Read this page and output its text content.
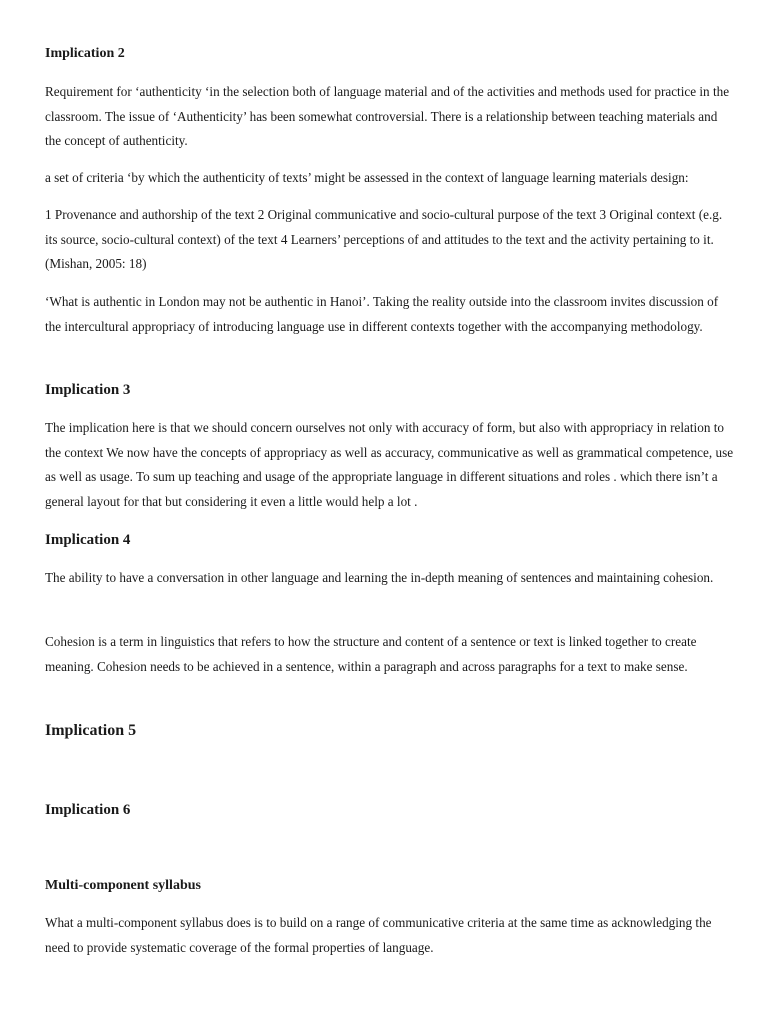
Implication 2

Requirement for ‘authenticity ‘in the selection both of language material and of the activities and methods used for practice in the classroom. The issue of ‘Authenticity’ has been somewhat controversial. There is a relationship between teaching materials and the concept of authenticity.

a set of criteria ‘by which the authenticity of texts’ might be assessed in the context of language learning materials design:

1 Provenance and authorship of the text 2 Original communicative and socio-cultural purpose of the text 3 Original context (e.g. its source, socio-cultural context) of the text 4 Learners’ perceptions of and attitudes to the text and the activity pertaining to it. (Mishan, 2005: 18)

‘What is authentic in London may not be authentic in Hanoi’. Taking the reality outside into the classroom invites discussion of the intercultural appropriacy of introducing language use in different contexts together with the accompanying methodology.

Implication 3

The implication here is that we should concern ourselves not only with accuracy of form, but also with appropriacy in relation to the context We now have the concepts of appropriacy as well as accuracy, communicative as well as grammatical competence, use as well as usage. To sum up teaching and usage of the appropriate language in different situations and roles . which there isn’t a general layout for that but considering it even a little would help a lot .

Implication 4

The ability to have a conversation in other language and learning the in-depth meaning of sentences and maintaining cohesion.

Cohesion is a term in linguistics that refers to how the structure and content of a sentence or text is linked together to create meaning. Cohesion needs to be achieved in a sentence, within a paragraph and across paragraphs for a text to make sense.

Implication 5
Implication 6
Multi-component syllabus

What a multi-component syllabus does is to build on a range of communicative criteria at the same time as acknowledging the need to provide systematic coverage of the formal properties of language.
